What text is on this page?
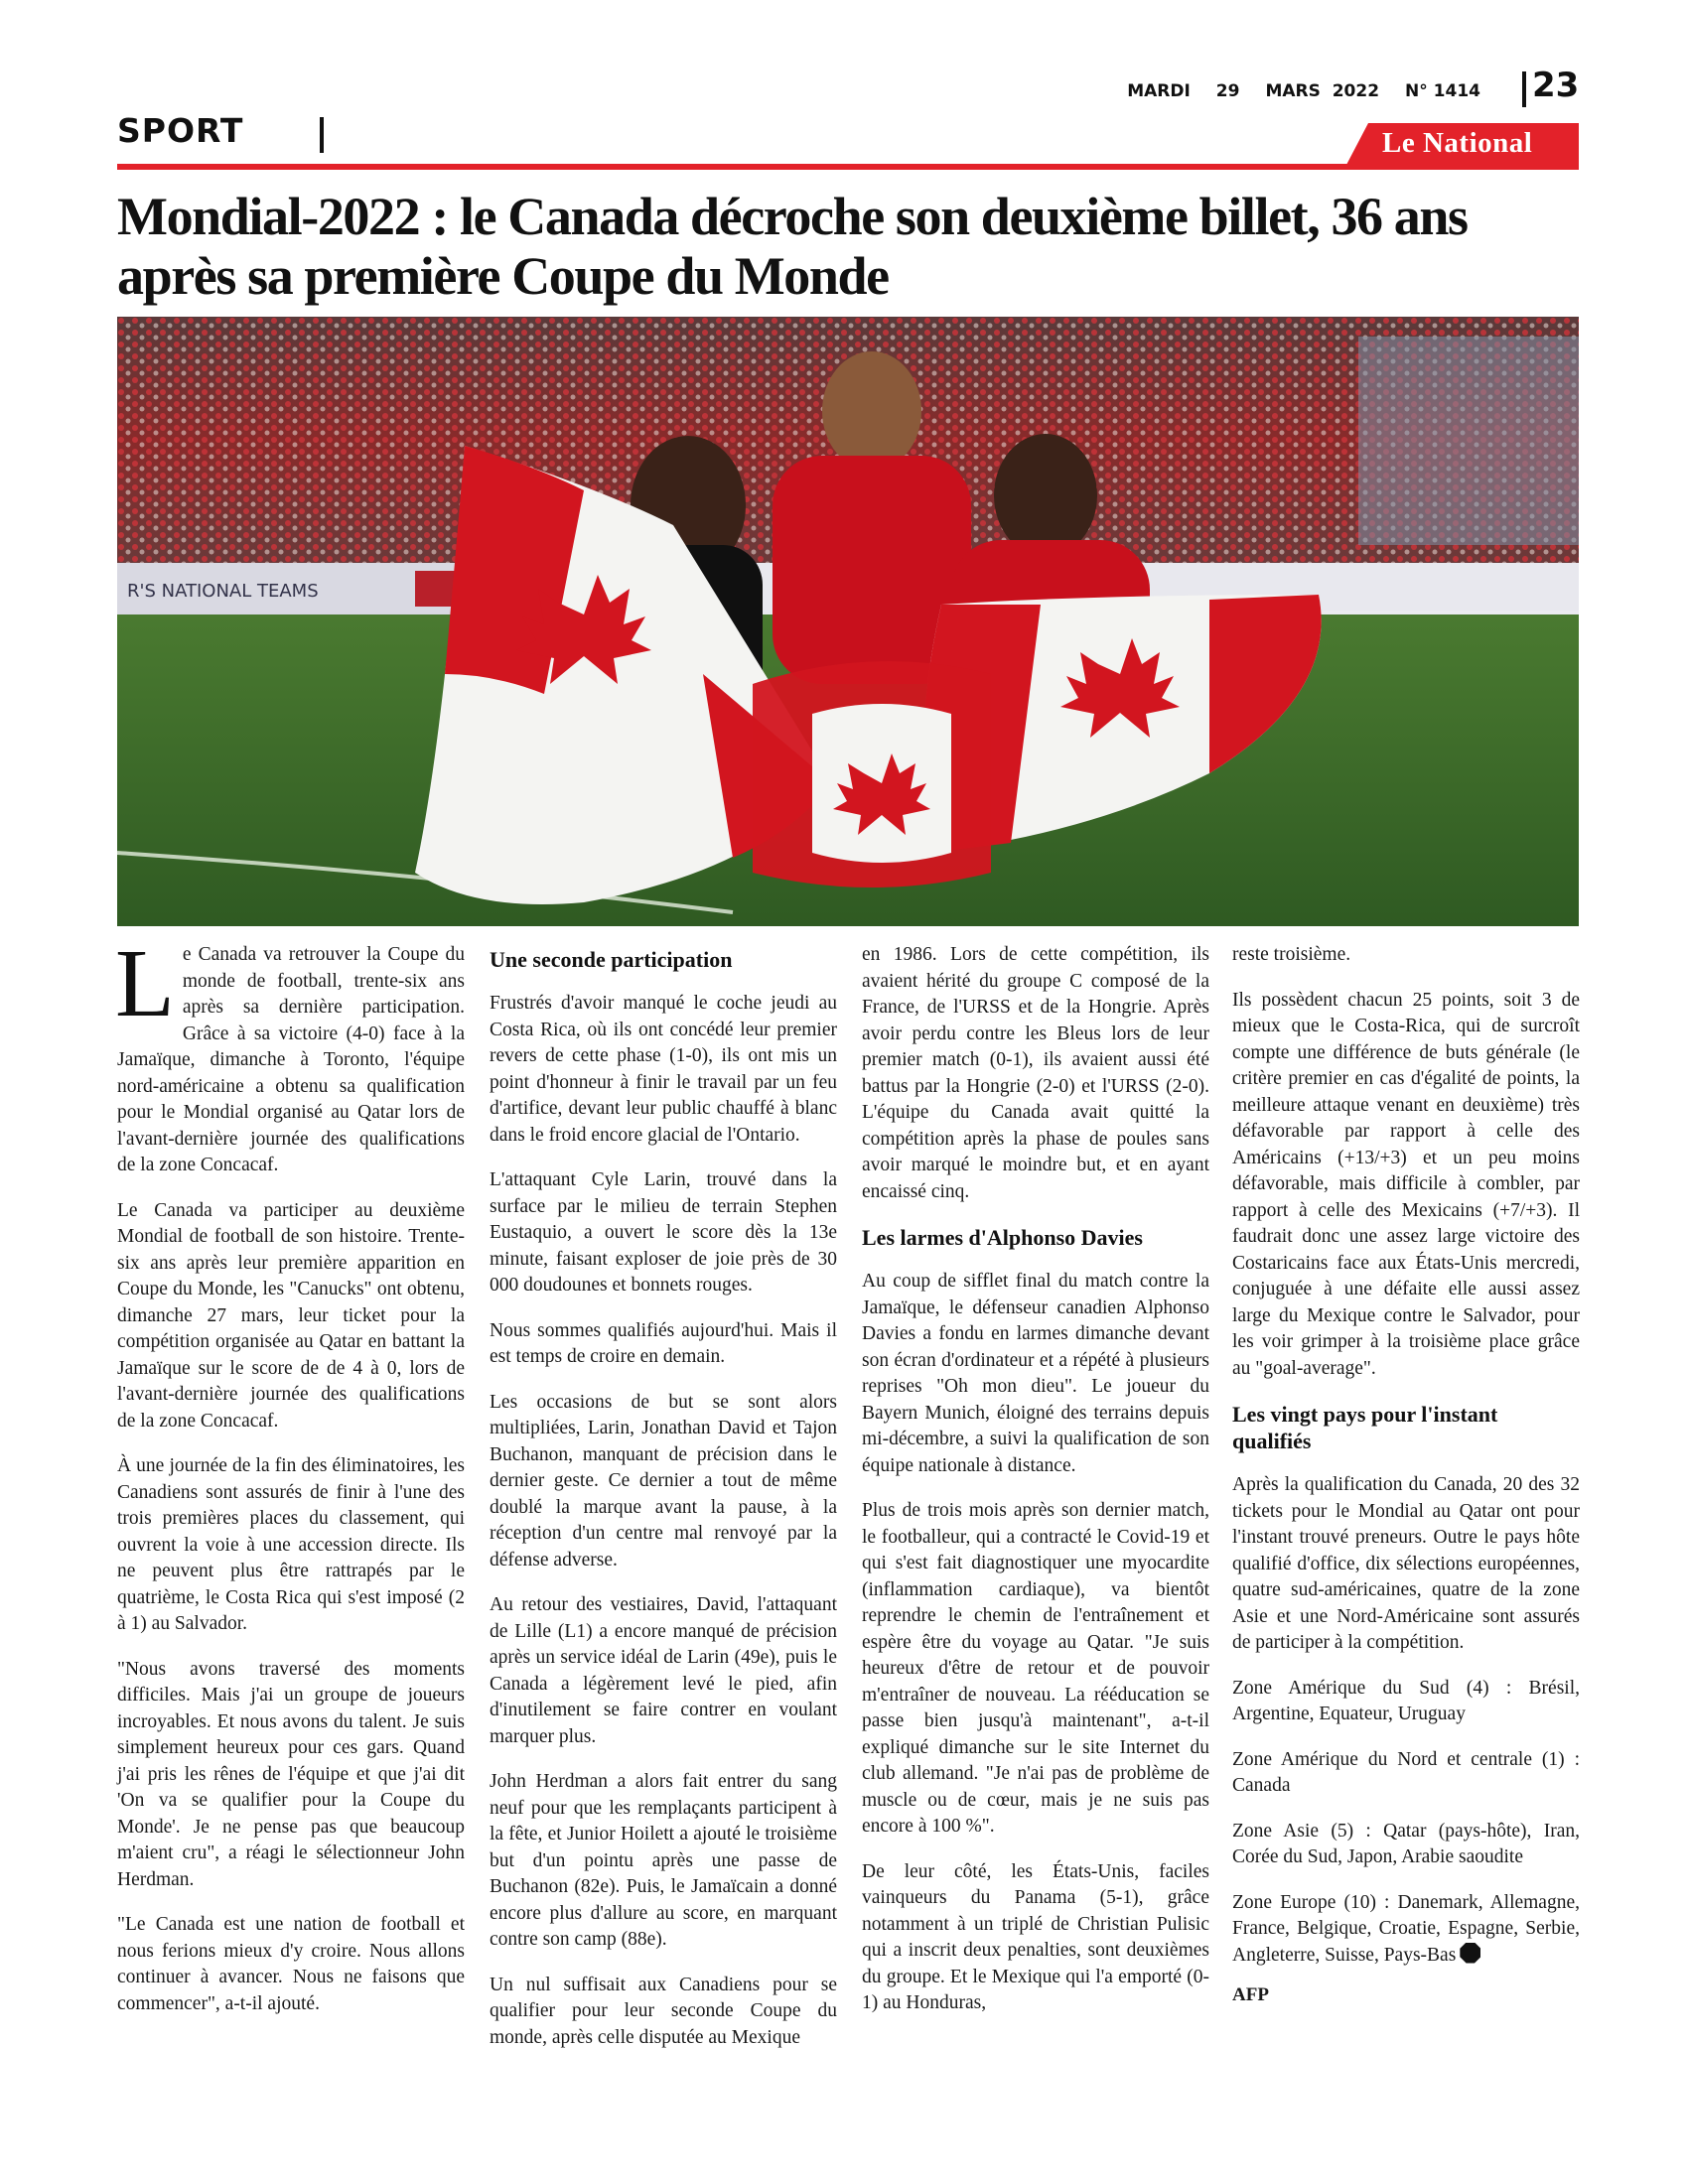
SPORT
MARDI 29 MARS  2022 N° 1414 23
Le National
Mondial-2022 : le Canada décroche son deuxième billet, 36 ans après sa première Coupe du Monde
R'S NATIONAL TEAMS

Le Canada va retrouver la Coupe du monde de football, trente-six ans après sa dernière participation. Grâce à sa victoire (4-0) face à la Jamaïque, dimanche à Toronto, l'équipe nord-américaine a obtenu sa qualification pour le Mondial organisé au Qatar lors de l'avant-dernière journée des qualifications de la zone Concacaf.

Le Canada va participer au deuxième Mondial de football de son histoire. Trente-six ans après leur première apparition en Coupe du Monde, les "Canucks" ont obtenu, dimanche 27 mars, leur ticket pour la compétition organisée au Qatar en battant la Jamaïque sur le score de de 4 à 0, lors de l'avant-dernière journée des qualifications de la zone Concacaf.

À une journée de la fin des éliminatoires, les Canadiens sont assurés de finir à l'une des trois premières places du classement, qui ouvrent la voie à une accession directe. Ils ne peuvent plus être rattrapés par le quatrième, le Costa Rica qui s'est imposé (2 à 1) au Salvador.

"Nous avons traversé des moments difficiles. Mais j'ai un groupe de joueurs incroyables. Et nous avons du talent. Je suis simplement heureux pour ces gars. Quand j'ai pris les rênes de l'équipe et que j'ai dit 'On va se qualifier pour la Coupe du Monde'. Je ne pense pas que beaucoup m'aient cru", a réagi le sélectionneur John Herdman.

"Le Canada est une nation de football et nous ferions mieux d'y croire. Nous allons continuer à avancer. Nous ne faisons que commencer", a-t-il ajouté.

Une seconde participation

Frustrés d'avoir manqué le coche jeudi au Costa Rica, où ils ont concédé leur premier revers de cette phase (1-0), ils ont mis un point d'honneur à finir le travail par un feu d'artifice, devant leur public chauffé à blanc dans le froid encore glacial de l'Ontario.

L'attaquant Cyle Larin, trouvé dans la surface par le milieu de terrain Stephen Eustaquio, a ouvert le score dès la 13e minute, faisant exploser de joie près de 30 000 doudounes et bonnets rouges.

Nous sommes qualifiés aujourd'hui. Mais il est temps de croire en demain.

Les occasions de but se sont alors multipliées, Larin, Jonathan David et Tajon Buchanon, manquant de précision dans le dernier geste. Ce dernier a tout de même doublé la marque avant la pause, à la réception d'un centre mal renvoyé par la défense adverse.

Au retour des vestiaires, David, l'attaquant de Lille (L1) a encore manqué de précision après un service idéal de Larin (49e), puis le Canada a légèrement levé le pied, afin d'inutilement se faire contrer en voulant marquer plus.

John Herdman a alors fait entrer du sang neuf pour que les remplaçants participent à la fête, et Junior Hoilett a ajouté le troisième but d'un pointu après une passe de Buchanon (82e). Puis, le Jamaïcain a donné encore plus d'allure au score, en marquant contre son camp (88e).

Un nul suffisait aux Canadiens pour se qualifier pour leur seconde Coupe du monde, après celle disputée au Mexique

en 1986. Lors de cette compétition, ils avaient hérité du groupe C composé de la France, de l'URSS et de la Hongrie. Après avoir perdu contre les Bleus lors de leur premier match (0-1), ils avaient aussi été battus par la Hongrie (2-0) et l'URSS (2-0). L'équipe du Canada avait quitté la compétition après la phase de poules sans avoir marqué le moindre but, et en ayant encaissé cinq.

Les larmes d'Alphonso Davies

Au coup de sifflet final du match contre la Jamaïque, le défenseur canadien Alphonso Davies a fondu en larmes dimanche devant son écran d'ordinateur et a répété à plusieurs reprises "Oh mon dieu". Le joueur du Bayern Munich, éloigné des terrains depuis mi-décembre, a suivi la qualification de son équipe nationale à distance.

Plus de trois mois après son dernier match, le footballeur, qui a contracté le Covid-19 et qui s'est fait diagnostiquer une myocardite (inflammation cardiaque), va bientôt reprendre le chemin de l'entraînement et espère être du voyage au Qatar. "Je suis heureux d'être de retour et de pouvoir m'entraîner de nouveau. La rééducation se passe bien jusqu'à maintenant", a-t-il expliqué dimanche sur le site Internet du club allemand. "Je n'ai pas de problème de muscle ou de cœur, mais je ne suis pas encore à 100 %".

De leur côté, les États-Unis, faciles vainqueurs du Panama (5-1), grâce notamment à un triplé de Christian Pulisic qui a inscrit deux penalties, sont deuxièmes du groupe. Et le Mexique qui l'a emporté (0-1) au Honduras,

reste troisième.

Ils possèdent chacun 25 points, soit 3 de mieux que le Costa-Rica, qui de surcroît compte une différence de buts générale (le critère premier en cas d'égalité de points, la meilleure attaque venant en deuxième) très défavorable par rapport à celle des Américains (+13/+3) et un peu moins défavorable, mais difficile à combler, par rapport à celle des Mexicains (+7/+3). Il faudrait donc une assez large victoire des Costaricains face aux États-Unis mercredi, conjuguée à une défaite elle aussi assez large du Mexique contre le Salvador, pour les voir grimper à la troisième place grâce au "goal-average".

Les vingt pays pour l'instant qualifiés

Après la qualification du Canada, 20 des 32 tickets pour le Mondial au Qatar ont pour l'instant trouvé preneurs. Outre le pays hôte qualifié d'office, dix sélections européennes, quatre sud-américaines, quatre de la zone Asie et une Nord-Américaine sont assurés de participer à la compétition.

Zone Amérique du Sud (4) : Brésil, Argentine, Equateur, Uruguay

Zone Amérique du Nord et centrale (1) : Canada

Zone Asie (5) : Qatar (pays-hôte), Iran, Corée du Sud, Japon, Arabie saoudite

Zone Europe (10) : Danemark, Allemagne, France, Belgique, Croatie, Espagne, Serbie, Angleterre, Suisse, Pays-Bas

AFP
